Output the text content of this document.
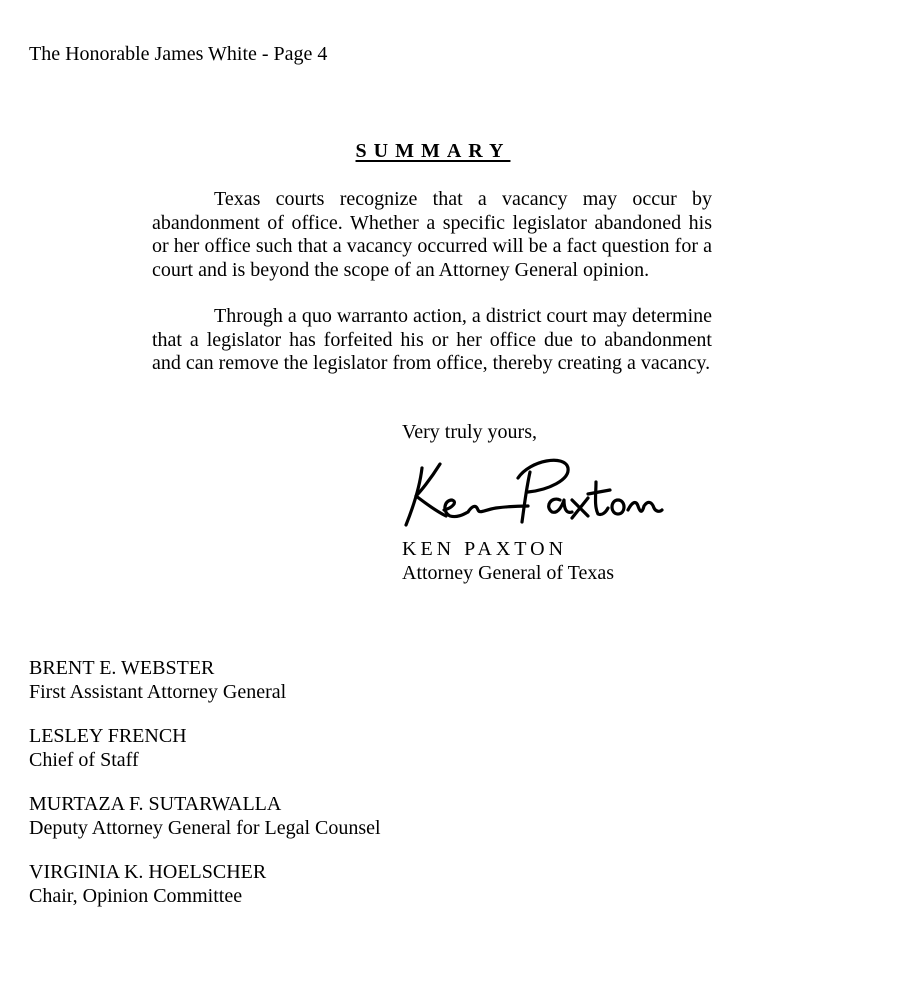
The Honorable James White - Page 4
SUMMARY

Texas courts recognize that a vacancy may occur by abandonment of office. Whether a specific legislator abandoned his or her office such that a vacancy occurred will be a fact question for a court and is beyond the scope of an Attorney General opinion.

Through a quo warranto action, a district court may determine that a legislator has forfeited his or her office due to abandonment and can remove the legislator from office, thereby creating a vacancy.

Very truly yours,
KEN PAXTON
Attorney General of Texas
BRENT E. WEBSTER
First Assistant Attorney General
LESLEY FRENCH
Chief of Staff
MURTAZA F. SUTARWALLA
Deputy Attorney General for Legal Counsel
VIRGINIA K. HOELSCHER
Chair, Opinion Committee
